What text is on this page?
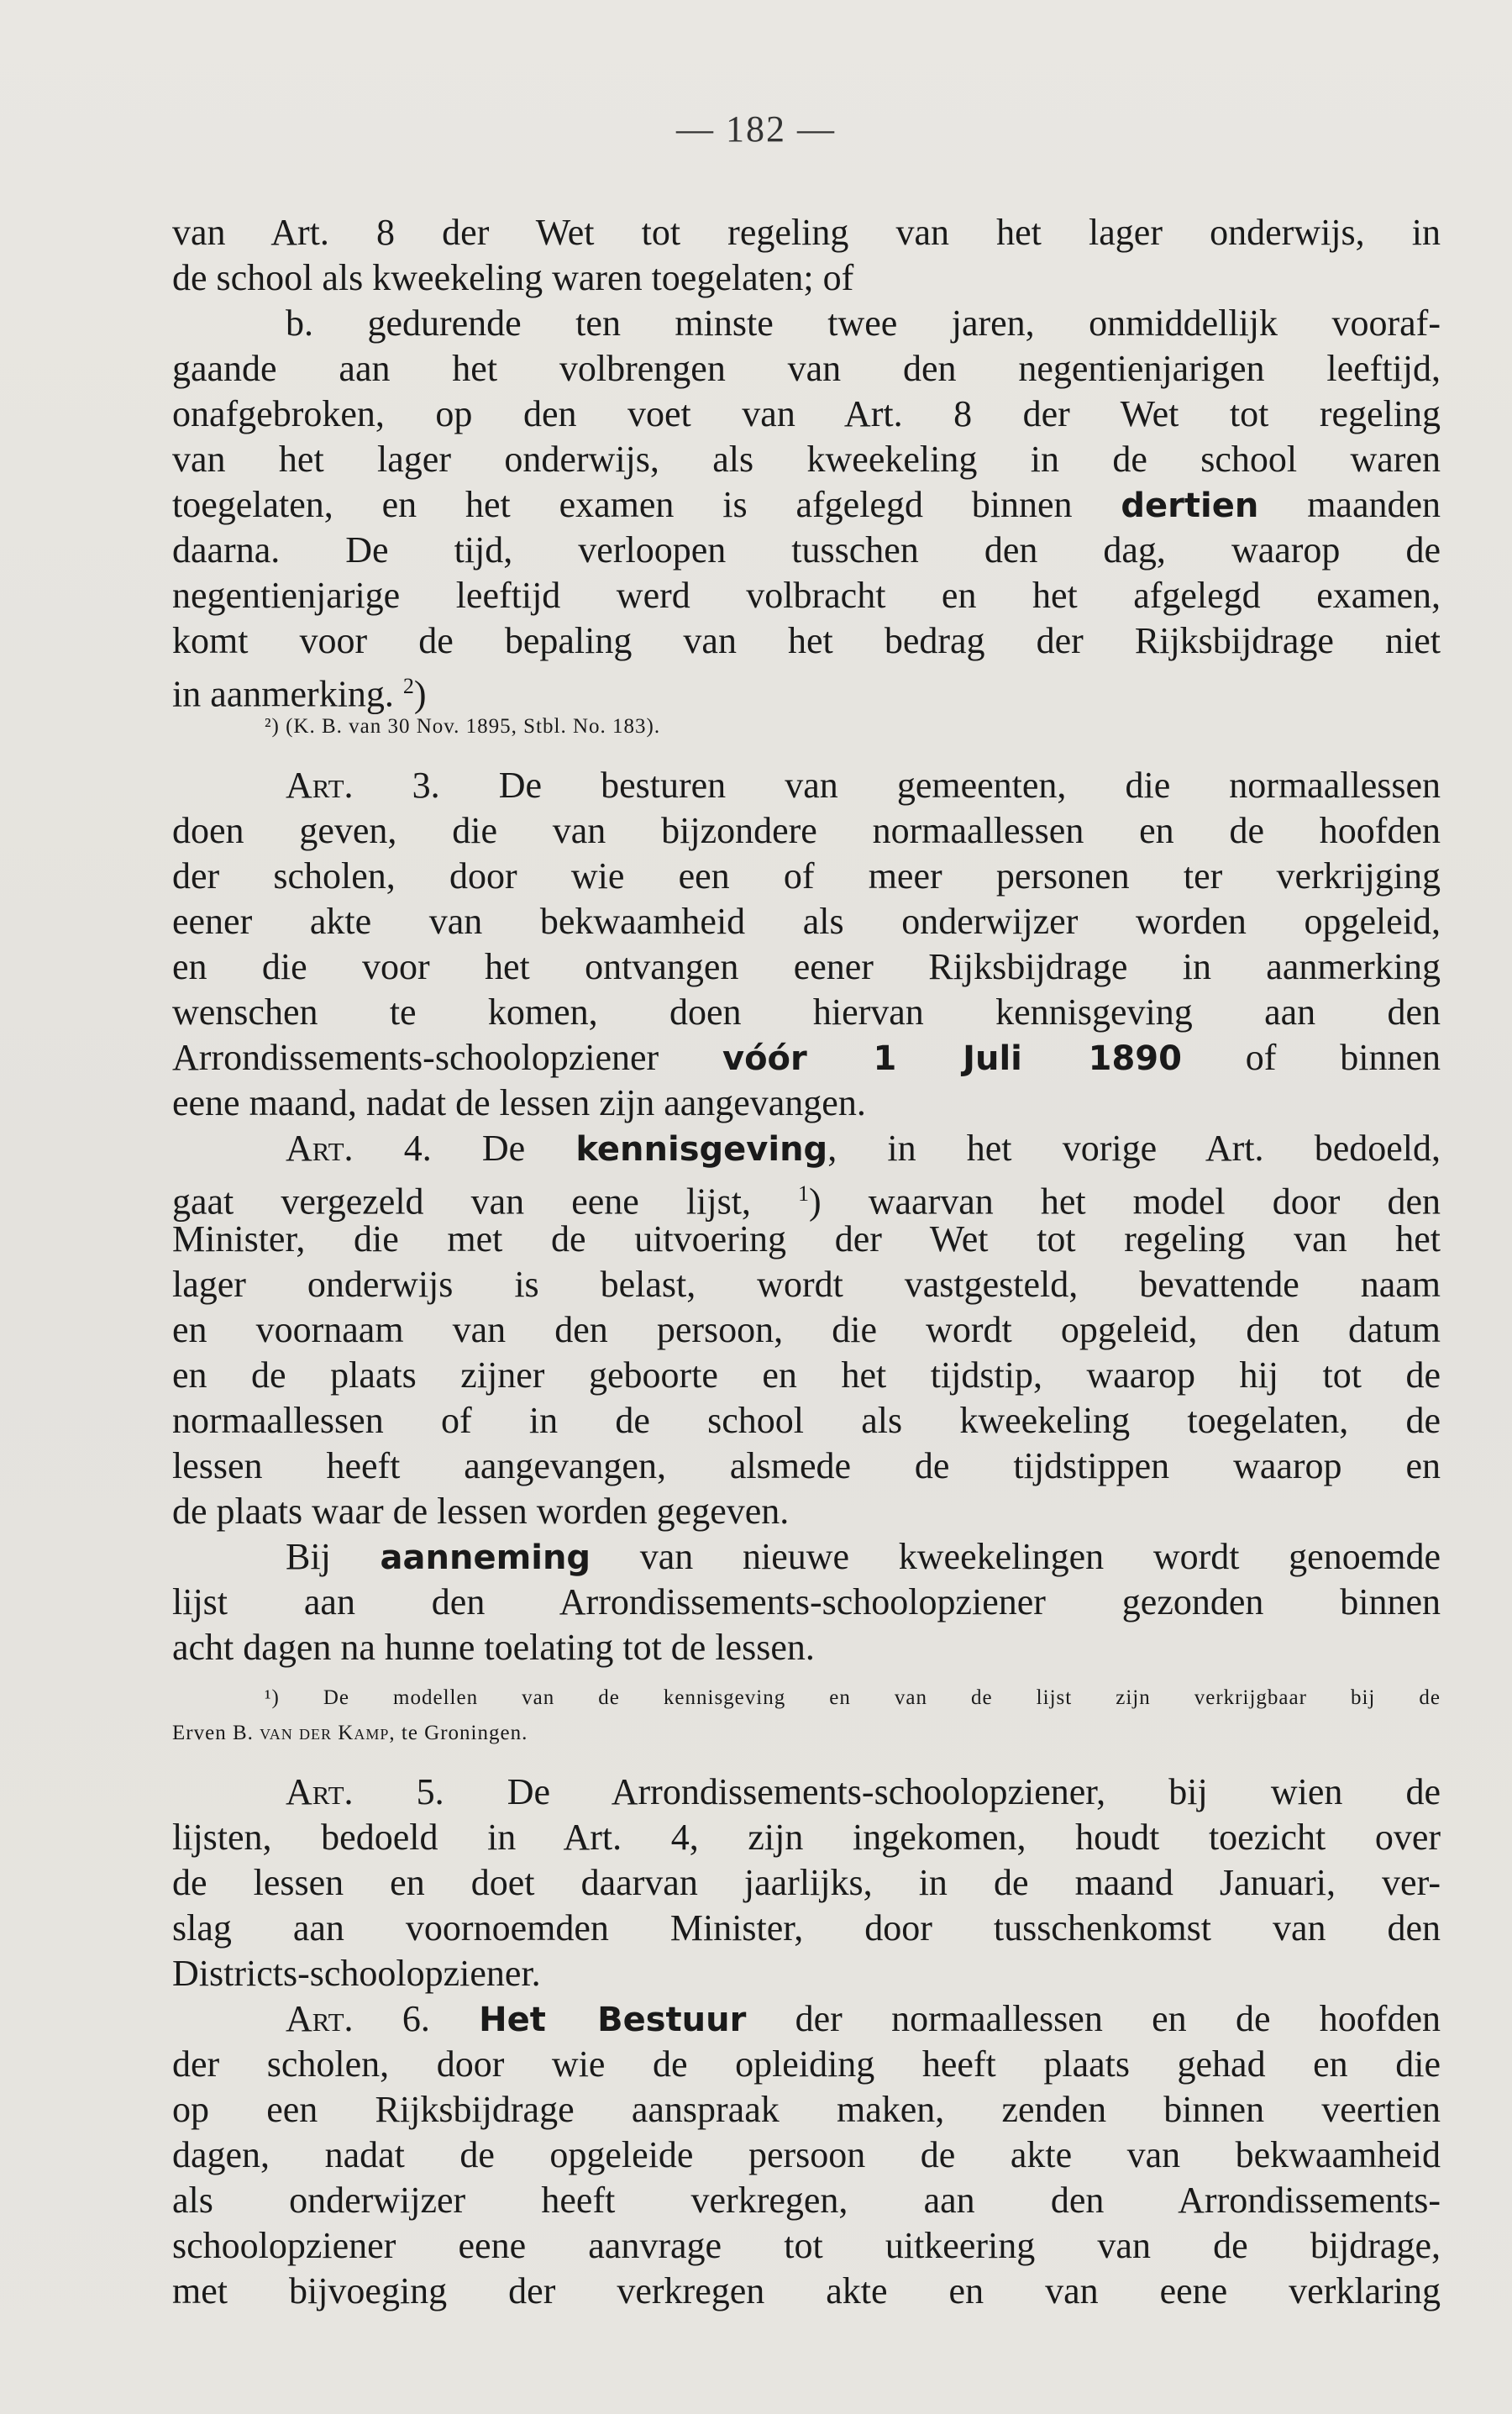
— 182 —
van Art. 8 der Wet tot regeling van het lager onderwijs, in
de school als kweekeling waren toegelaten; of
b. gedurende ten minste twee jaren, onmiddellijk vooraf-
gaande aan het volbrengen van den negentienjarigen leeftijd,
onafgebroken, op den voet van Art. 8 der Wet tot regeling
van het lager onderwijs, als kweekeling in de school waren
toegelaten, en het examen is afgelegd binnen dertien maanden
daarna. De tijd, verloopen tusschen den dag, waarop de
negentienjarige leeftijd werd volbracht en het afgelegd examen,
komt voor de bepaling van het bedrag der Rijksbijdrage niet
in aanmerking. $^2$)
²) (K. B. van 30 Nov. 1895, Stbl. No. 183).
Art. 3. De besturen van gemeenten, die normaallessen
doen geven, die van bijzondere normaallessen en de hoofden
der scholen, door wie een of meer personen ter verkrijging
eener akte van bekwaamheid als onderwijzer worden opgeleid,
en die voor het ontvangen eener Rijksbijdrage in aanmerking
wenschen te komen, doen hiervan kennisgeving aan den
Arrondissements-schoolopziener vóór 1 Juli 1890 of binnen
eene maand, nadat de lessen zijn aangevangen.
Art. 4. De kennisgeving, in het vorige Art. bedoeld,
gaat vergezeld van eene lijst, $^1$) waarvan het model door den
Minister, die met de uitvoering der Wet tot regeling van het
lager onderwijs is belast, wordt vastgesteld, bevattende naam
en voornaam van den persoon, die wordt opgeleid, den datum
en de plaats zijner geboorte en het tijdstip, waarop hij tot de
normaallessen of in de school als kweekeling toegelaten, de
lessen heeft aangevangen, alsmede de tijdstippen waarop en
de plaats waar de lessen worden gegeven.
Bij aanneming van nieuwe kweekelingen wordt genoemde
lijst aan den Arrondissements-schoolopziener gezonden binnen
acht dagen na hunne toelating tot de lessen.
¹) De modellen van de kennisgeving en van de lijst zijn verkrijgbaar bij de
Erven B. van der Kamp, te Groningen.
Art. 5. De Arrondissements-schoolopziener, bij wien de
lijsten, bedoeld in Art. 4, zijn ingekomen, houdt toezicht over
de lessen en doet daarvan jaarlijks, in de maand Januari, ver-
slag aan voornoemden Minister, door tusschenkomst van den
Districts-schoolopziener.
Art. 6. Het Bestuur der normaallessen en de hoofden
der scholen, door wie de opleiding heeft plaats gehad en die
op een Rijksbijdrage aanspraak maken, zenden binnen veertien
dagen, nadat de opgeleide persoon de akte van bekwaamheid
als onderwijzer heeft verkregen, aan den Arrondissements-
schoolopziener eene aanvrage tot uitkeering van de bijdrage,
met bijvoeging der verkregen akte en van eene verklaring
